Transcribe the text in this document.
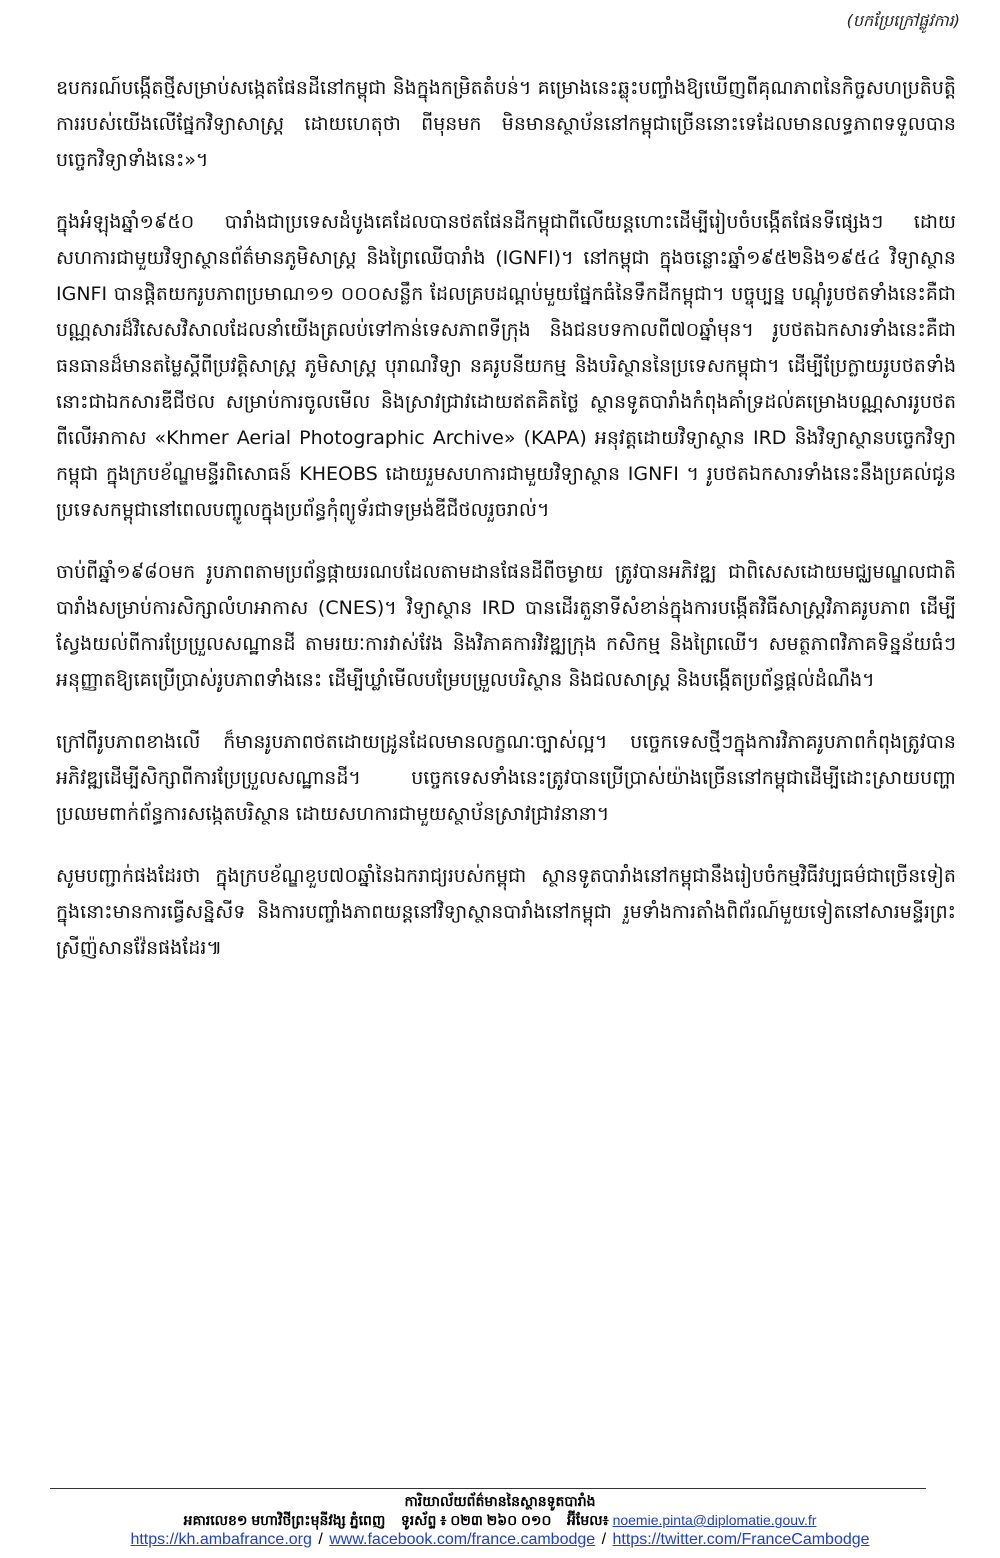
(បកប្រែក្រៅផ្លូវការ)

ឧបករណ៍បង្កើតថ្មីសម្រាប់សង្កេតផែនដីនៅកម្ពុជា និងក្នុងកម្រិតតំបន់។ គម្រោងនេះឆ្លុះបញ្ចាំងឱ្យឃើញពីគុណភាពនៃកិច្ចសហប្រតិបត្តិការរបស់យើងលើផ្នែកវិទ្យាសាស្ត្រ ដោយហេតុថា ពីមុនមក មិនមានស្ថាប័ននៅកម្ពុជាច្រើននោះទេដែលមានលទ្ធភាពទទួលបានបច្ចេកវិទ្យាទាំងនេះ»។

ក្នុងអំឡុងឆ្នាំ១៩៥០ បារាំងជាប្រទេសដំបូងគេដែលបានថតផែនដីកម្ពុជាពីលើយន្តហោះដើម្បីរៀបចំបង្កើតផែនទីផ្សេងៗ ដោយសហការជាមួយវិទ្យាស្ថានព័ត៌មានភូមិសាស្ត្រ និងព្រៃឈើបារាំង (IGNFI)។ នៅកម្ពុជា ក្នុងចន្លោះឆ្នាំ១៩៥២និង១៩៥៤ វិទ្យាស្ថាន IGNFI បានផ្តិតយករូបភាពប្រមាណ១១ ០០០សន្លឹក ដែលគ្របដណ្តប់មួយផ្នែកធំនៃទឹកដីកម្ពុជា។ បច្ចុប្បន្ន បណ្តុំរូបថតទាំងនេះគឺជាបណ្ណសារដ៏វិសេសវិសាលដែលនាំយើងត្រលប់ទៅកាន់ទេសភាពទីក្រុង និងជនបទកាលពី៧០ឆ្នាំមុន។ រូបថតឯកសារទាំងនេះគឺជាធនធានដ៏មានតម្លៃស្តីពីប្រវត្តិសាស្ត្រ ភូមិសាស្ត្រ បុរាណវិទ្យា នគរូបនីយកម្ម និងបរិស្ថាននៃប្រទេសកម្ពុជា។ ដើម្បីប្រែក្លាយរូបថតទាំងនោះជាឯកសារឌីជីថល សម្រាប់ការចូលមើល និងស្រាវជ្រាវដោយឥតគិតថ្លៃ ស្ថានទូតបារាំងកំពុងគាំទ្រដល់គម្រោងបណ្ណសាររូបថតពីលើអាកាស «Khmer Aerial Photographic Archive» (KAPA) អនុវត្តដោយវិទ្យាស្ថាន IRD និងវិទ្យាស្ថានបច្ចេកវិទ្យាកម្ពុជា ក្នុងក្របខ័ណ្ឌមន្ទីរពិសោធន៍ KHEOBS ដោយរួមសហការជាមួយវិទ្យាស្ថាន IGNFI ។ រូបថតឯកសារទាំងនេះនឹងប្រគល់ជូនប្រទេសកម្ពុជានៅពេលបញ្ចូលក្នុងប្រព័ន្ធកុំព្យូទ័រជាទម្រង់ឌីជីថលរួចរាល់។

ចាប់ពីឆ្នាំ១៩៨០មក រូបភាពតាមប្រព័ន្ធផ្កាយរណបដែលតាមដានផែនដីពីចម្ងាយ ត្រូវបានអភិវឌ្ឍ ជាពិសេសដោយមជ្ឈមណ្ឌលជាតិបារាំងសម្រាប់ការសិក្សាលំហអាកាស (CNES)។ វិទ្យាស្ថាន IRD បានដើរតួនាទីសំខាន់ក្នុងការបង្កើតវិធីសាស្ត្រវិភាគរូបភាព ដើម្បីស្វែងយល់ពីការប្រែប្រួលសណ្ឋានដី តាមរយៈការវាស់វែង និងវិភាគការវិវឌ្ឍក្រុង កសិកម្ម និងព្រៃឈើ។ សមត្ថភាពវិភាគទិន្នន័យធំៗអនុញ្ញាតឱ្យគេប្រើប្រាស់រូបភាពទាំងនេះ ដើម្បីឃ្លាំមើលបម្រែបម្រួលបរិស្ថាន និងជលសាស្ត្រ និងបង្កើតប្រព័ន្ធផ្តល់ដំណឹង។

ក្រៅពីរូបភាពខាងលើ ក៏មានរូបភាពថតដោយដ្រូនដែលមានលក្ខណៈច្បាស់ល្អ។ បច្ចេកទេសថ្មីៗក្នុងការវិភាគរូបភាពកំពុងត្រូវបានអភិវឌ្ឍដើម្បីសិក្សាពីការប្រែប្រួលសណ្ឋានដី។ បច្ចេកទេសទាំងនេះត្រូវបានប្រើប្រាស់យ៉ាងច្រើននៅកម្ពុជាដើម្បីដោះស្រាយបញ្ហាប្រឈមពាក់ព័ន្ធការសង្កេតបរិស្ថាន ដោយសហការជាមួយស្ថាប័នស្រាវជ្រាវនានា។

សូមបញ្ជាក់ផងដែរថា ក្នុងក្របខ័ណ្ឌខួប៧០ឆ្នាំនៃឯករាជ្យរបស់កម្ពុជា ស្ថានទូតបារាំងនៅកម្ពុជានឹងរៀបចំកម្មវិធីវប្បធម៌ជាច្រើនទៀត ក្នុងនោះមានការធ្វើសន្និសីទ និងការបញ្ចាំងភាពយន្តនៅវិទ្យាស្ថានបារាំងនៅកម្ពុជា រួមទាំងការតាំងពិព័រណ៍មួយទៀតនៅសារមន្ទីរព្រះស្រីញ៉សានវ៉ែនផងដែរ៕

ការិយាល័យព័ត៌មាននៃស្ថានទូតបារាំង
អគារលេខ១ មហាវិថីព្រះមុនីវង្ស ភ្នំពេញ ទូរស័ព្ទ ៖ ០២៣ ២៦០ ០១០ អ៊ីមែល៖ noemie.pinta@diplomatie.gouv.fr
https://kh.ambafrance.org / www.facebook.com/france.cambodge / https://twitter.com/FranceCambodge
